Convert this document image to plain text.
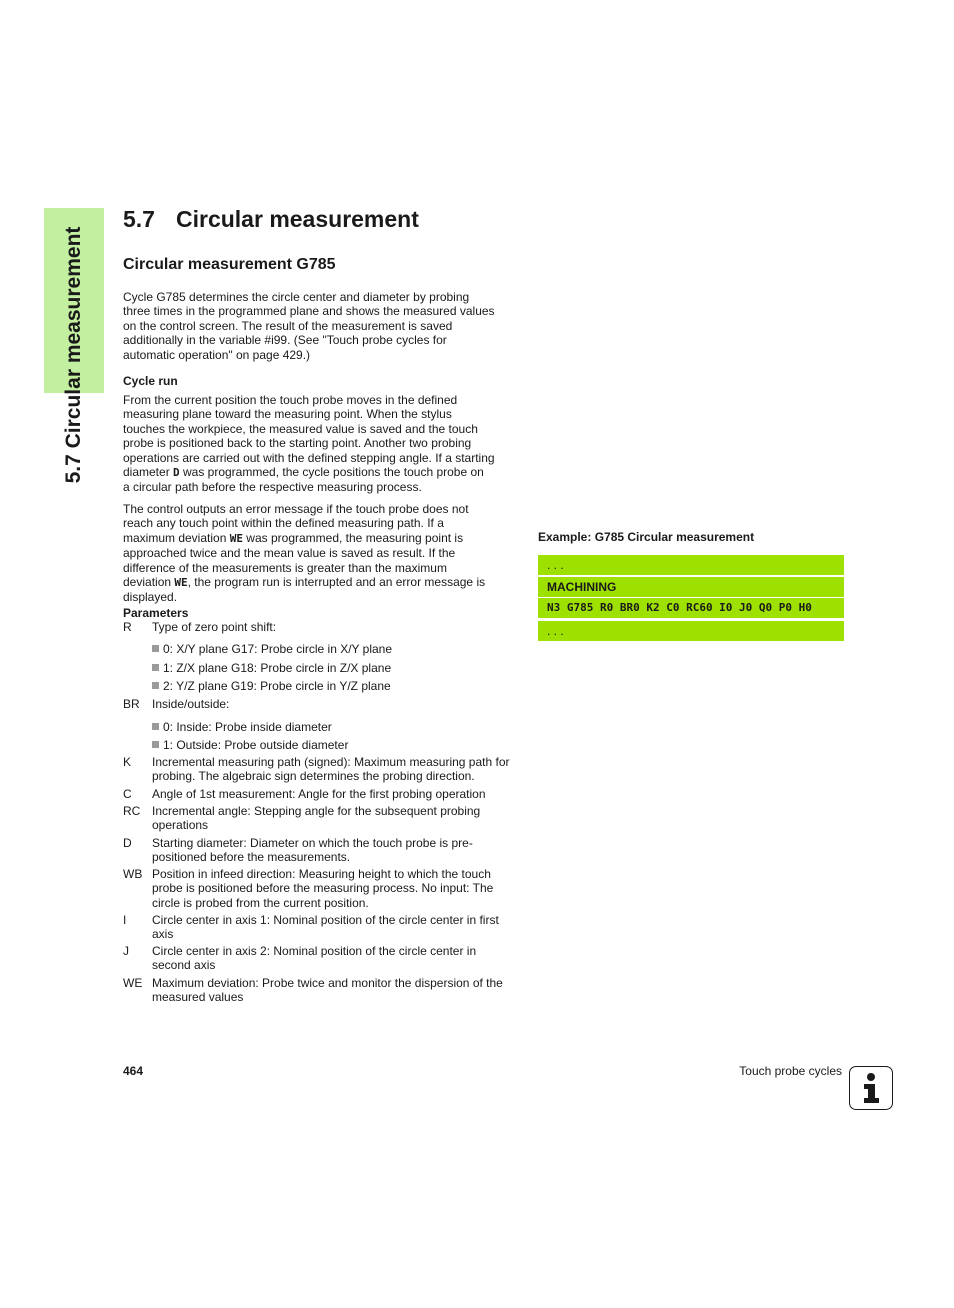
5.7 Circular measurement
5.7 Circular measurement
Circular measurement G785
Cycle G785 determines the circle center and diameter by probing
three times in the programmed plane and shows the measured values
on the control screen. The result of the measurement is saved
additionally in the variable #i99. (See "Touch probe cycles for
automatic operation" on page 429.)
Cycle run
From the current position the touch probe moves in the defined
measuring plane toward the measuring point. When the stylus
touches the workpiece, the measured value is saved and the touch
probe is positioned back to the starting point. Another two probing
operations are carried out with the defined stepping angle. If a starting
diameter D was programmed, the cycle positions the touch probe on
a circular path before the respective measuring process.
The control outputs an error message if the touch probe does not
reach any touch point within the defined measuring path. If a
maximum deviation WE was programmed, the measuring point is
approached twice and the mean value is saved as result. If the
difference of the measurements is greater than the maximum
deviation WE, the program run is interrupted and an error message is
displayed.
Parameters
R Type of zero point shift:
0: X/Y plane G17: Probe circle in X/Y plane
1: Z/X plane G18: Probe circle in Z/X plane
2: Y/Z plane G19: Probe circle in Y/Z plane
BR Inside/outside:
0: Inside: Probe inside diameter
1: Outside: Probe outside diameter
K Incremental measuring path (signed): Maximum measuring path for probing. The algebraic sign determines the probing direction.
C Angle of 1st measurement: Angle for the first probing operation
RC Incremental angle: Stepping angle for the subsequent probing operations
D Starting diameter: Diameter on which the touch probe is pre-positioned before the measurements.
WB Position in infeed direction: Measuring height to which the touch probe is positioned before the measuring process. No input: The circle is probed from the current position.
I Circle center in axis 1: Nominal position of the circle center in first axis
J Circle center in axis 2: Nominal position of the circle center in second axis
WE Maximum deviation: Probe twice and monitor the dispersion of the measured values
Example: G785 Circular measurement
. . .
MACHINING
N3 G785 R0 BR0 K2 C0 RC60 I0 J0 Q0 P0 H0
. . .
464	Touch probe cycles
